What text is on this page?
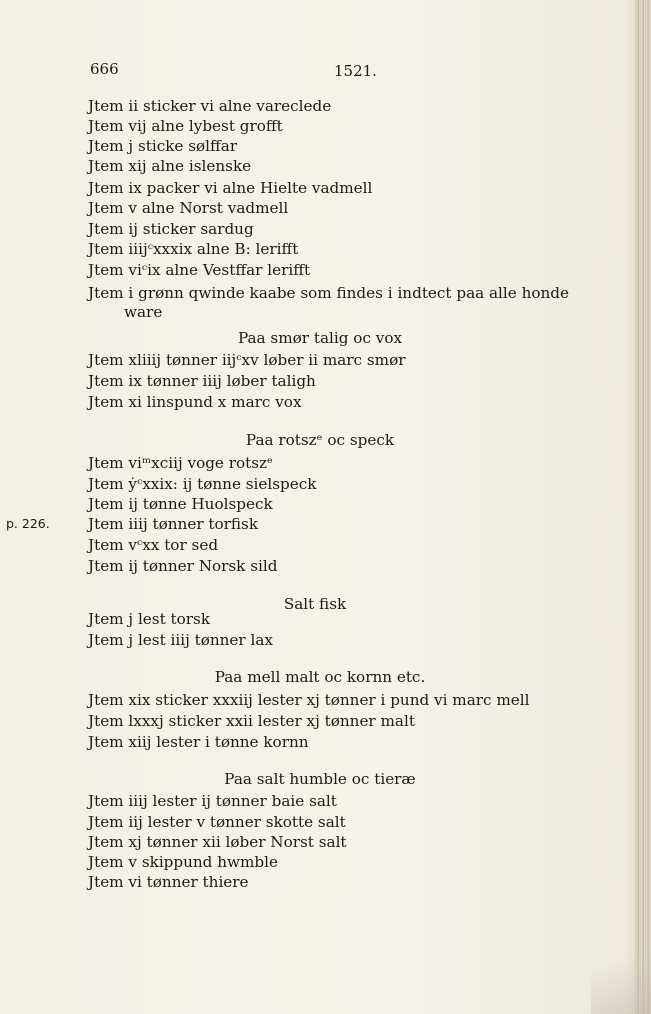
666	1521.
Jtem ii sticker vi alne vareclede
Jtem vij alne lybest grofft
Jtem j sticke sølffar
Jtem xij alne islenske
Jtem ix packer vi alne Hielte vadmell
Jtem v alne Norst vadmell
Jtem ij sticker sardug
Jtem iiijᶜxxxix alne B: lerifft
Jtem viᶜix alne Vestffar lerifft
Jtem i grønn qwinde kaabe som findes i indtect paa alle honde
ware
Paa smør talig oc vox
Jtem xliiij tønner iijᶜxv løber ii marc smør
Jtem ix tønner iiij løber taligh
Jtem xi linspund x marc vox
Paa rotszᵉ oc speck
Jtem viᵐxciij voge rotszᵉ
Jtem ẏᶜxxix: ij tønne sielspeck
Jtem ij tønne Huolspeck
p. 226.	Jtem iiij tønner torfisk
Jtem vᶜxx tor sed
Jtem ij tønner Norsk sild
Salt fisk
Jtem j lest torsk
Jtem j lest iiij tønner lax
Paa mell malt oc kornn etc.
Jtem xix sticker xxxiij lester xj tønner i pund vi marc mell
Jtem lxxxj sticker xxii lester xj tønner malt
Jtem xiij lester i tønne kornn
Paa salt humble oc tieræ
Jtem iiij lester ij tønner baie salt
Jtem iij lester v tønner skotte salt
Jtem xj tønner xii løber Norst salt
Jtem v skippund hwmble
Jtem vi tønner thiere
